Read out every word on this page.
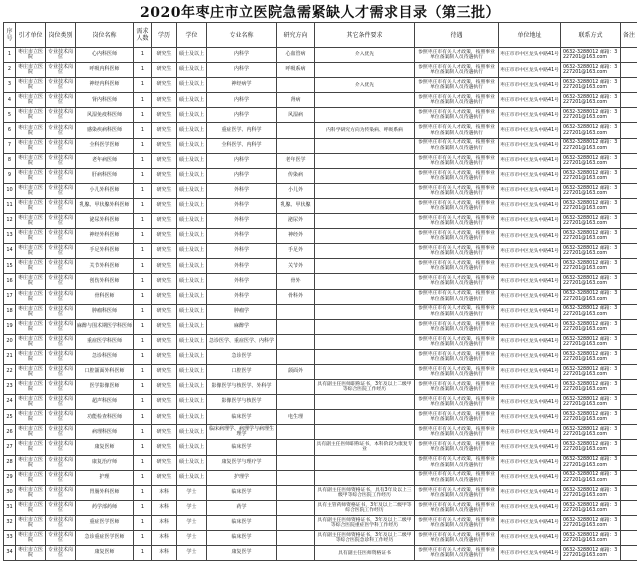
2020年枣庄市立医院急需紧缺人才需求目录（第三批）
序号	引才单位	岗位类别	岗位名称	需求人数	学历	学位	专业名称	研究方向	其它条件要求	待遇	单位地址	联系方式	备注
1	枣庄市立医院	专业技术岗位	心内科医师	1	研究生	硕士及以上	内科学	心血管病	介入优先	参照枣庄市有关人才政策，按照事业单位备案制人员待遇执行	枣庄市市中区龙头中路41号	0632-3288012 邮箱：3227201@163.com	
2	枣庄市立医院	专业技术岗位	呼吸内科医师	1	研究生	硕士及以上	内科学	呼吸系病		参照枣庄市有关人才政策，按照事业单位备案制人员待遇执行	枣庄市市中区龙头中路41号	0632-3288012 邮箱：3227201@163.com	
3	枣庄市立医院	专业技术岗位	神经内科医师	1	研究生	硕士及以上	神经病学		介入优先	参照枣庄市有关人才政策，按照事业单位备案制人员待遇执行	枣庄市市中区龙头中路41号	0632-3288012 邮箱：3227201@163.com	
4	枣庄市立医院	专业技术岗位	肾内科医师	1	研究生	硕士及以上	内科学	肾病		参照枣庄市有关人才政策，按照事业单位备案制人员待遇执行	枣庄市市中区龙头中路41号	0632-3288012 邮箱：3227201@163.com	
5	枣庄市立医院	专业技术岗位	风湿免疫科医师	1	研究生	硕士及以上	内科学	风湿病		参照枣庄市有关人才政策，按照事业单位备案制人员待遇执行	枣庄市市中区龙头中路41号	0632-3288012 邮箱：3227201@163.com	
6	枣庄市立医院	专业技术岗位	感染疾病科医师	1	研究生	硕士及以上	重症医学、内科学		内科学研究方向为传染病、呼吸系病	参照枣庄市有关人才政策，按照事业单位备案制人员待遇执行	枣庄市市中区龙头中路41号	0632-3288012 邮箱：3227201@163.com	
7	枣庄市立医院	专业技术岗位	全科医学医师	1	研究生	硕士及以上	全科医学、内科学			参照枣庄市有关人才政策，按照事业单位备案制人员待遇执行	枣庄市市中区龙头中路41号	0632-3288012 邮箱：3227201@163.com	
8	枣庄市立医院	专业技术岗位	老年病医师	1	研究生	硕士及以上	内科学	老年医学		参照枣庄市有关人才政策，按照事业单位备案制人员待遇执行	枣庄市市中区龙头中路41号	0632-3288012 邮箱：3227201@163.com	
9	枣庄市立医院	专业技术岗位	肝病科医师	1	研究生	硕士及以上	内科学	传染病		参照枣庄市有关人才政策，按照事业单位备案制人员待遇执行	枣庄市市中区龙头中路41号	0632-3288012 邮箱：3227201@163.com	
10	枣庄市立医院	专业技术岗位	小儿外科医师	1	研究生	硕士及以上	外科学	小儿外		参照枣庄市有关人才政策，按照事业单位备案制人员待遇执行	枣庄市市中区龙头中路41号	0632-3288012 邮箱：3227201@163.com	
11	枣庄市立医院	专业技术岗位	乳腺、甲状腺外科医师	1	研究生	硕士及以上	外科学	乳腺、甲状腺		参照枣庄市有关人才政策，按照事业单位备案制人员待遇执行	枣庄市市中区龙头中路41号	0632-3288012 邮箱：3227201@163.com	
12	枣庄市立医院	专业技术岗位	泌尿外科医师	1	研究生	硕士及以上	外科学	泌尿外		参照枣庄市有关人才政策，按照事业单位备案制人员待遇执行	枣庄市市中区龙头中路41号	0632-3288012 邮箱：3227201@163.com	
13	枣庄市立医院	专业技术岗位	神经外科医师	1	研究生	硕士及以上	外科学	神经外		参照枣庄市有关人才政策，按照事业单位备案制人员待遇执行	枣庄市市中区龙头中路41号	0632-3288012 邮箱：3227201@163.com	
14	枣庄市立医院	专业技术岗位	手足外科医师	1	研究生	硕士及以上	外科学	手足外		参照枣庄市有关人才政策，按照事业单位备案制人员待遇执行	枣庄市市中区龙头中路41号	0632-3288012 邮箱：3227201@163.com	
15	枣庄市立医院	专业技术岗位	关节外科医师	1	研究生	硕士及以上	外科学	关节外		参照枣庄市有关人才政策，按照事业单位备案制人员待遇执行	枣庄市市中区龙头中路41号	0632-3288012 邮箱：3227201@163.com	
16	枣庄市立医院	专业技术岗位	创伤外科医师	1	研究生	硕士及以上	外科学	骨外		参照枣庄市有关人才政策，按照事业单位备案制人员待遇执行	枣庄市市中区龙头中路41号	0632-3288012 邮箱：3227201@163.com	
17	枣庄市立医院	专业技术岗位	骨科医师	1	研究生	硕士及以上	外科学	骨科外		参照枣庄市有关人才政策，按照事业单位备案制人员待遇执行	枣庄市市中区龙头中路41号	0632-3288012 邮箱：3227201@163.com	
18	枣庄市立医院	专业技术岗位	肿瘤科医师	1	研究生	硕士及以上	肿瘤学			参照枣庄市有关人才政策，按照事业单位备案制人员待遇执行	枣庄市市中区龙头中路41号	0632-3288012 邮箱：3227201@163.com	
19	枣庄市立医院	专业技术岗位	麻醉与围术期医学科医师	1	研究生	硕士及以上	麻醉学			参照枣庄市有关人才政策，按照事业单位备案制人员待遇执行	枣庄市市中区龙头中路41号	0632-3288012 邮箱：3227201@163.com	
20	枣庄市立医院	专业技术岗位	重症医学科医师	1	研究生	硕士及以上	急诊医学、重症医学、内科学			参照枣庄市有关人才政策，按照事业单位备案制人员待遇执行	枣庄市市中区龙头中路41号	0632-3288012 邮箱：3227201@163.com	
21	枣庄市立医院	专业技术岗位	急诊科医师	1	研究生	硕士及以上	急诊医学			参照枣庄市有关人才政策，按照事业单位备案制人员待遇执行	枣庄市市中区龙头中路41号	0632-3288012 邮箱：3227201@163.com	
22	枣庄市立医院	专业技术岗位	口腔颌面外科医师	1	研究生	硕士及以上	口腔医学	颌面外		参照枣庄市有关人才政策，按照事业单位备案制人员待遇执行	枣庄市市中区龙头中路41号	0632-3288012 邮箱：3227201@163.com	
23	枣庄市立医院	专业技术岗位	医学影像医师	1	研究生	硕士及以上	影像医学与核医学、外科学		具有副主任医师职称证书，3年及以上二级甲等综合医院工作经历	参照枣庄市有关人才政策，按照事业单位备案制人员待遇执行	枣庄市市中区龙头中路41号	0632-3288012 邮箱：3227201@163.com	
24	枣庄市立医院	专业技术岗位	超声科医师	1	研究生	硕士及以上	影像医学与核医学			参照枣庄市有关人才政策，按照事业单位备案制人员待遇执行	枣庄市市中区龙头中路41号	0632-3288012 邮箱：3227201@163.com	
25	枣庄市立医院	专业技术岗位	功能检查科医师	1	研究生	硕士及以上	临床医学	电生理		参照枣庄市有关人才政策，按照事业单位备案制人员待遇执行	枣庄市市中区龙头中路41号	0632-3288012 邮箱：3227201@163.com	
26	枣庄市立医院	专业技术岗位	病理科医师	1	研究生	硕士及以上	临床病理学、病理学与病理生理学			参照枣庄市有关人才政策，按照事业单位备案制人员待遇执行	枣庄市市中区龙头中路41号	0632-3288012 邮箱：3227201@163.com	
27	枣庄市立医院	专业技术岗位	康复医师	1	研究生	硕士及以上	临床医学		具有副主任医师职称证书，本科阶段为康复专业	参照枣庄市有关人才政策，按照事业单位备案制人员待遇执行	枣庄市市中区龙头中路41号	0632-3288012 邮箱：3227201@163.com	
28	枣庄市立医院	专业技术岗位	康复治疗师	1	研究生	硕士及以上	康复医学与理疗学			参照枣庄市有关人才政策，按照事业单位备案制人员待遇执行	枣庄市市中区龙头中路41号	0632-3288012 邮箱：3227201@163.com	
29	枣庄市立医院	专业技术岗位	护理	1	研究生	硕士及以上	护理学			参照枣庄市有关人才政策，按照事业单位备案制人员待遇执行	枣庄市市中区龙头中路41号	0632-3288012 邮箱：3227201@163.com	
30	枣庄市立医院	专业技术岗位	胃肠外科医师	1	本科	学士	临床医学		具有副主任医师资格证书，具有3年及以上三级甲等综合医院工作经历	参照枣庄市有关人才政策，按照事业单位备案制人员待遇执行	枣庄市市中区龙头中路41号	0632-3288012 邮箱：3227201@163.com	
31	枣庄市立医院	专业技术岗位	药学部药师	1	本科	学士	药学		具有主管药师资格证书，3年及以上二级甲等综合医院工作经历	参照枣庄市有关人才政策，按照事业单位备案制人员待遇执行	枣庄市市中区龙头中路41号	0632-3288012 邮箱：3227201@163.com	
32	枣庄市立医院	专业技术岗位	重症医学医师	1	本科	学士	临床医学		具有副主任医师资格证书，3年及以上二级甲等综合医院重症医学科工作经历	参照枣庄市有关人才政策，按照事业单位备案制人员待遇执行	枣庄市市中区龙头中路41号	0632-3288012 邮箱：3227201@163.com	
33	枣庄市立医院	专业技术岗位	急诊重症医学医师	1	本科	学士	临床医学		具有副主任医师资格证书，3年及以上二级甲等综合医院急诊科工作经历	参照枣庄市有关人才政策，按照事业单位备案制人员待遇执行	枣庄市市中区龙头中路41号	0632-3288012 邮箱：3227201@163.com	
34	枣庄市立医院	专业技术岗位	康复医师	1	本科	学士	康复医学		具有副主任医师资格证书	参照枣庄市有关人才政策，按照事业单位备案制人员待遇执行	枣庄市市中区龙头中路41号	0632-3288012 邮箱：3227201@163.com	
